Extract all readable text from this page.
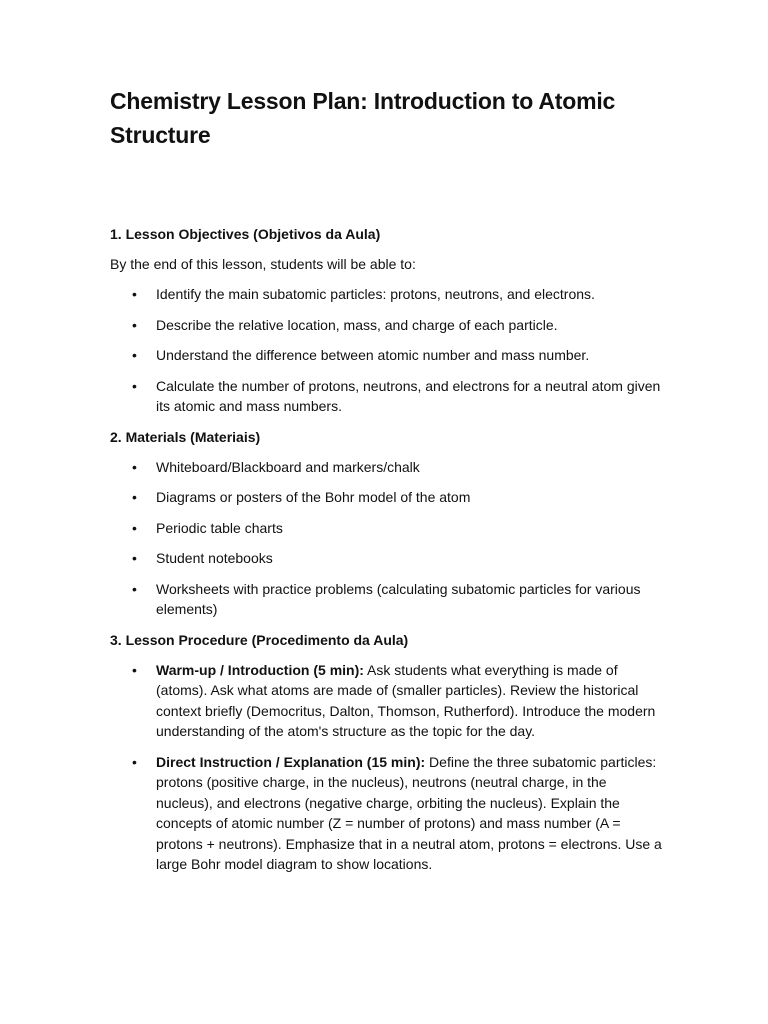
Chemistry Lesson Plan: Introduction to Atomic Structure
1. Lesson Objectives (Objetivos da Aula)

By the end of this lesson, students will be able to:

• Identify the main subatomic particles: protons, neutrons, and electrons.
• Describe the relative location, mass, and charge of each particle.
• Understand the difference between atomic number and mass number.
• Calculate the number of protons, neutrons, and electrons for a neutral atom given its atomic and mass numbers.
2. Materials (Materiais)
• Whiteboard/Blackboard and markers/chalk
• Diagrams or posters of the Bohr model of the atom
• Periodic table charts
• Student notebooks
• Worksheets with practice problems (calculating subatomic particles for various elements)
3. Lesson Procedure (Procedimento da Aula)
• Warm-up / Introduction (5 min): Ask students what everything is made of (atoms). Ask what atoms are made of (smaller particles). Review the historical context briefly (Democritus, Dalton, Thomson, Rutherford). Introduce the modern understanding of the atom's structure as the topic for the day.
• Direct Instruction / Explanation (15 min): Define the three subatomic particles: protons (positive charge, in the nucleus), neutrons (neutral charge, in the nucleus), and electrons (negative charge, orbiting the nucleus). Explain the concepts of atomic number (Z = number of protons) and mass number (A = protons + neutrons). Emphasize that in a neutral atom, protons = electrons. Use a large Bohr model diagram to show locations.
